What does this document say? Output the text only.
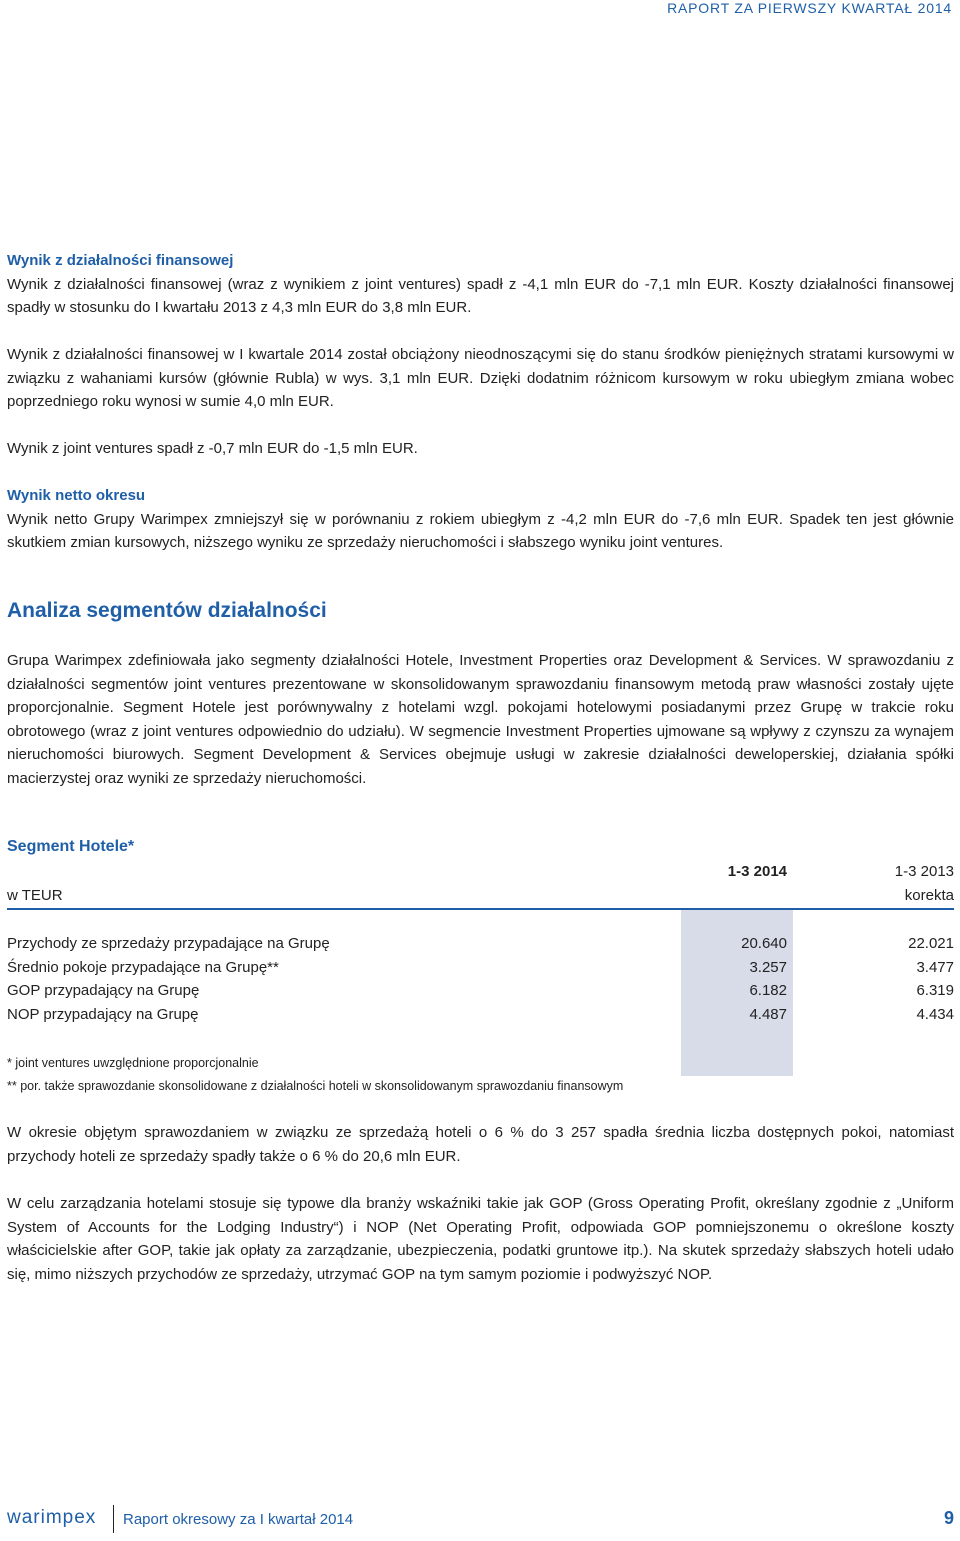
RAPORT ZA PIERWSZY KWARTAŁ 2014

Wynik z działalności finansowej

Wynik z działalności finansowej (wraz z wynikiem z joint ventures) spadł z -4,1 mln EUR do -7,1 mln EUR. Koszty działalności finansowej spadły w stosunku do I kwartału 2013 z 4,3 mln EUR do 3,8 mln EUR.

Wynik z działalności finansowej w I kwartale 2014 został obciążony nieodnoszącymi się do stanu środków pieniężnych stratami kursowymi w związku z wahaniami kursów (głównie Rubla) w wys. 3,1 mln EUR. Dzięki dodatnim różnicom kursowym w roku ubiegłym zmiana wobec poprzedniego roku wynosi w sumie 4,0 mln EUR.

Wynik z joint ventures spadł z -0,7 mln EUR do -1,5 mln EUR.

Wynik netto okresu

Wynik netto Grupy Warimpex zmniejszył się w porównaniu z rokiem ubiegłym z -4,2 mln EUR do -7,6 mln EUR. Spadek ten jest głównie skutkiem zmian kursowych, niższego wyniku ze sprzedaży nieruchomości i słabszego wyniku joint ventures.

Analiza segmentów działalności

Grupa Warimpex zdefiniowała jako segmenty działalności Hotele, Investment Properties oraz Development & Services. W sprawozdaniu z działalności segmentów joint ventures prezentowane w skonsolidowanym sprawozdaniu finansowym metodą praw własności zostały ujęte proporcjonalnie. Segment Hotele jest porównywalny z hotelami wzgl. pokojami hotelowymi posiadanymi przez Grupę w trakcie roku obrotowego (wraz z joint ventures odpowiednio do udziału). W segmencie Investment Properties ujmowane są wpływy z czynszu za wynajem nieruchomości biurowych. Segment Development & Services obejmuje usługi w zakresie działalności deweloperskiej, działania spółki macierzystej oraz wyniki ze sprzedaży nieruchomości.

Segment Hotele*
w TEUR
1-3 2014	1-3 2013
korekta
Przychody ze sprzedaży przypadające na Grupę	20.640	22.021
Średnio pokoje przypadające na Grupę**	3.257	3.477
GOP przypadający na Grupę	6.182	6.319
NOP przypadający na Grupę	4.487	4.434
* joint ventures uwzględnione proporcjonalnie
** por. także sprawozdanie skonsolidowane z działalności hoteli w skonsolidowanym sprawozdaniu finansowym

W okresie objętym sprawozdaniem w związku ze sprzedażą hoteli o 6 % do 3 257 spadła średnia liczba dostępnych pokoi, natomiast przychody hoteli ze sprzedaży spadły także o 6 % do 20,6 mln EUR.

W celu zarządzania hotelami stosuje się typowe dla branży wskaźniki takie jak GOP (Gross Operating Profit, określany zgodnie z „Uniform System of Accounts for the Lodging Industry“) i NOP (Net Operating Profit, odpowiada GOP pomniejszonemu o określone koszty właścicielskie after GOP, takie jak opłaty za zarządzanie, ubezpieczenia, podatki gruntowe itp.). Na skutek sprzedaży słabszych hoteli udało się, mimo niższych przychodów ze sprzedaży, utrzymać GOP na tym samym poziomie i podwyższyć NOP.

warimpex Raport okresowy za I kwartał 2014	9
